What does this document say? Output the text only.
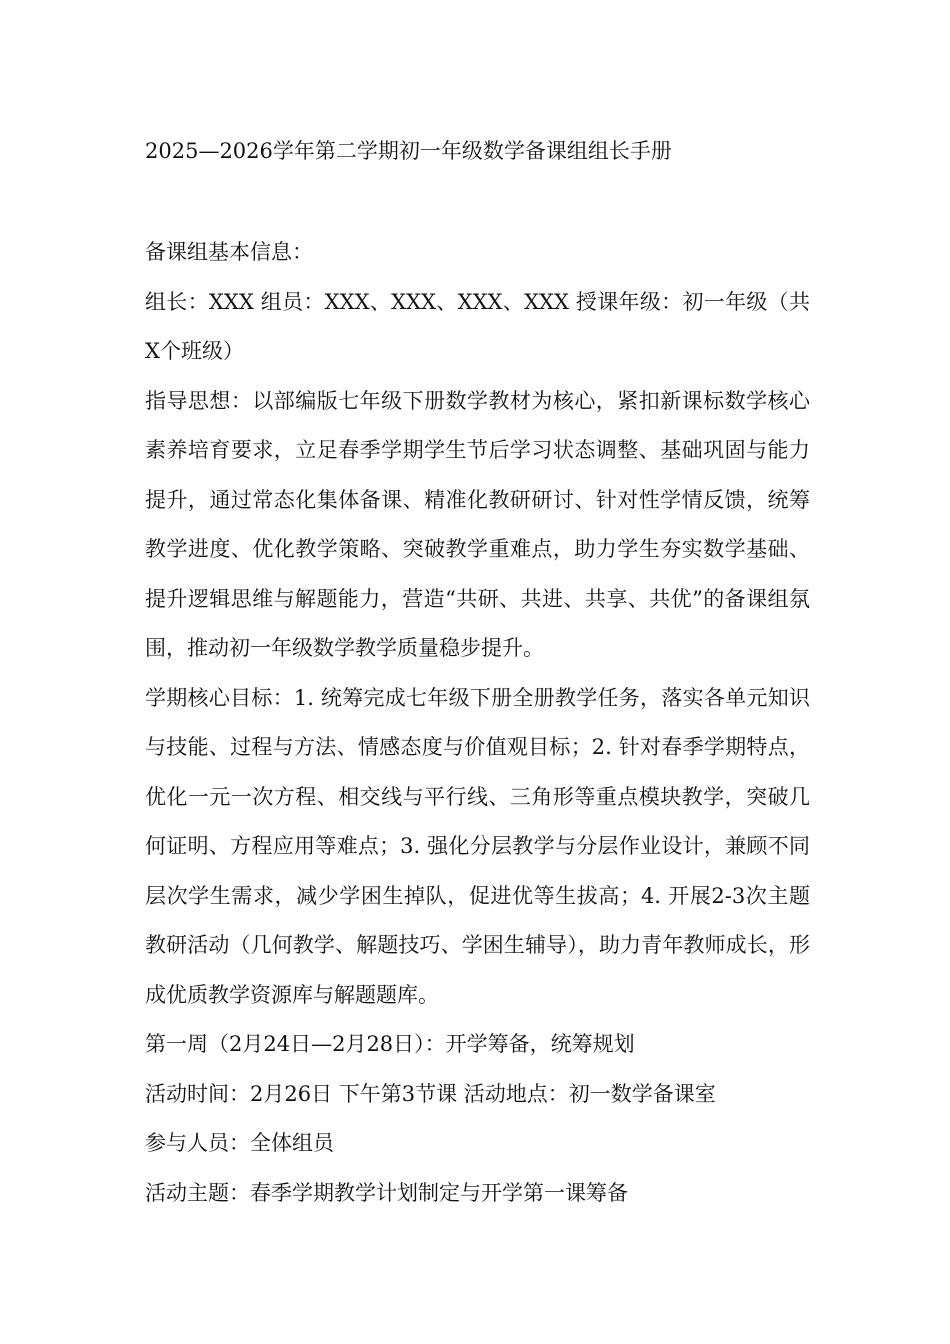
2025—2026学年第二学期初一年级数学备课组组长手册

备课组基本信息：

组长：XXX 组员：XXX、XXX、XXX、XXX 授课年级：初一年级（共X个班级）

指导思想：以部编版七年级下册数学教材为核心，紧扣新课标数学核心素养培育要求，立足春季学期学生节后学习状态调整、基础巩固与能力提升，通过常态化集体备课、精准化教研研讨、针对性学情反馈，统筹教学进度、优化教学策略、突破教学重难点，助力学生夯实数学基础、提升逻辑思维与解题能力，营造“共研、共进、共享、共优”的备课组氛围，推动初一年级数学教学质量稳步提升。

学期核心目标：1. 统筹完成七年级下册全册教学任务，落实各单元知识与技能、过程与方法、情感态度与价值观目标；2. 针对春季学期特点，优化一元一次方程、相交线与平行线、三角形等重点模块教学，突破几何证明、方程应用等难点；3. 强化分层教学与分层作业设计，兼顾不同层次学生需求，减少学困生掉队，促进优等生拔高；4. 开展2-3次主题教研活动（几何教学、解题技巧、学困生辅导），助力青年教师成长，形成优质教学资源库与解题题库。

第一周（2月24日—2月28日）：开学筹备，统筹规划

活动时间：2月26日 下午第3节课 活动地点：初一数学备课室

参与人员：全体组员

活动主题：春季学期教学计划制定与开学第一课筹备
